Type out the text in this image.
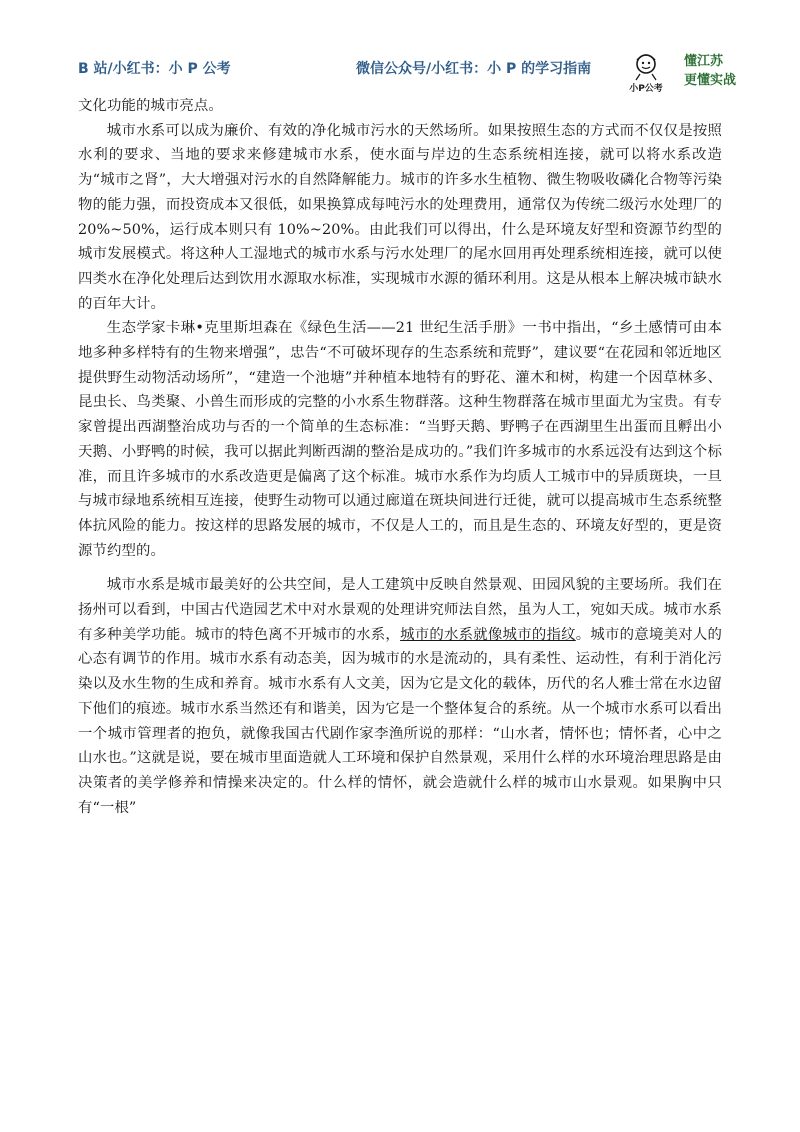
B 站/小红书：小 P 公考	微信公众号/小红书：小 P 的学习指南
小P公考
懂江苏
更懂实战

文化功能的城市亮点。

城市水系可以成为廉价、有效的净化城市污水的天然场所。如果按照生态的方式而不仅仅是按照水利的要求、当地的要求来修建城市水系，使水面与岸边的生态系统相连接，就可以将水系改造为“城市之肾”，大大增强对污水的自然降解能力。城市的许多水生植物、微生物吸收磷化合物等污染物的能力强，而投资成本又很低，如果换算成每吨污水的处理费用，通常仅为传统二级污水处理厂的 20%~50%，运行成本则只有 10%~20%。由此我们可以得出，什么是环境友好型和资源节约型的城市发展模式。将这种人工湿地式的城市水系与污水处理厂的尾水回用再处理系统相连接，就可以使四类水在净化处理后达到饮用水源取水标准，实现城市水源的循环利用。这是从根本上解决城市缺水的百年大计。

生态学家卡琳•克里斯坦森在《绿色生活——21 世纪生活手册》一书中指出，“乡土感情可由本地多种多样特有的生物来增强”，忠告“不可破坏现存的生态系统和荒野”，建议要“在花园和邻近地区提供野生动物活动场所”，“建造一个池塘”并种植本地特有的野花、灌木和树，构建一个因草林多、昆虫长、鸟类聚、小兽生而形成的完整的小水系生物群落。这种生物群落在城市里面尤为宝贵。有专家曾提出西湖整治成功与否的一个简单的生态标准：“当野天鹅、野鸭子在西湖里生出蛋而且孵出小天鹅、小野鸭的时候，我可以据此判断西湖的整治是成功的。”我们许多城市的水系远没有达到这个标准，而且许多城市的水系改造更是偏离了这个标准。城市水系作为均质人工城市中的异质斑块，一旦与城市绿地系统相互连接，使野生动物可以通过廊道在斑块间进行迁徙，就可以提高城市生态系统整体抗风险的能力。按这样的思路发展的城市，不仅是人工的，而且是生态的、环境友好型的，更是资源节约型的。

城市水系是城市最美好的公共空间，是人工建筑中反映自然景观、田园风貌的主要场所。我们在扬州可以看到，中国古代造园艺术中对水景观的处理讲究师法自然，虽为人工，宛如天成。城市水系有多种美学功能。城市的特色离不开城市的水系，城市的水系就像城市的指纹。城市的意境美对人的心态有调节的作用。城市水系有动态美，因为城市的水是流动的，具有柔性、运动性，有利于消化污染以及水生物的生成和养育。城市水系有人文美，因为它是文化的载体，历代的名人雅士常在水边留下他们的痕迹。城市水系当然还有和谐美，因为它是一个整体复合的系统。从一个城市水系可以看出一个城市管理者的抱负，就像我国古代剧作家李渔所说的那样：“山水者，情怀也；情怀者，心中之山水也。”这就是说，要在城市里面造就人工环境和保护自然景观，采用什么样的水环境治理思路是由决策者的美学修养和情操来决定的。什么样的情怀，就会造就什么样的城市山水景观。如果胸中只有“一根”
